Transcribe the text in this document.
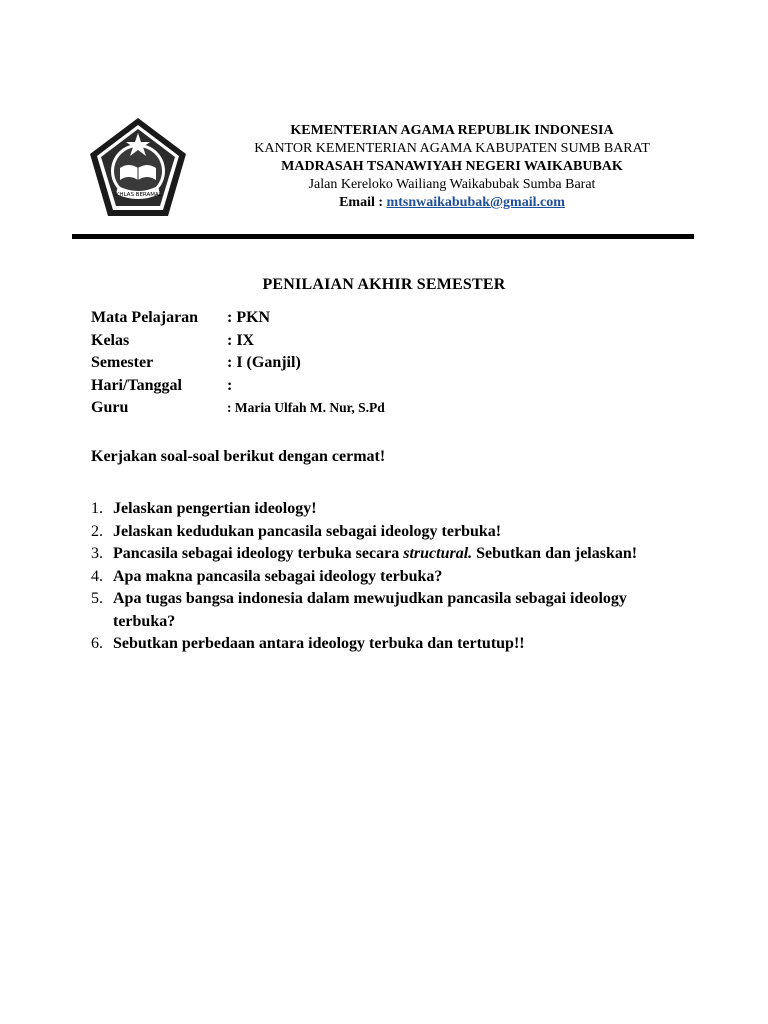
IKHLAS BERAMAL
KEMENTERIAN AGAMA REPUBLIK INDONESIA
KANTOR KEMENTERIAN AGAMA KABUPATEN SUMB BARAT
MADRASAH TSANAWIYAH NEGERI WAIKABUBAK
Jalan Kereloko Wailiang Waikabubak Sumba Barat
Email : mtsnwaikabubak@gmail.com
PENILAIAN AKHIR SEMESTER
Mata Pelajaran : PKN
Kelas	: IX
Semester	: I (Ganjil)
Hari/Tanggal	:
Guru	: Maria Ulfah M. Nur, S.Pd
Kerjakan soal-soal berikut dengan cermat!
1. Jelaskan pengertian ideology!
2. Jelaskan kedudukan pancasila sebagai ideology terbuka!
3. Pancasila sebagai ideology terbuka secara structural. Sebutkan dan jelaskan!
4. Apa makna pancasila sebagai ideology terbuka?
5. Apa tugas bangsa indonesia dalam mewujudkan pancasila sebagai ideology terbuka?
6. Sebutkan perbedaan antara ideology terbuka dan tertutup!!
